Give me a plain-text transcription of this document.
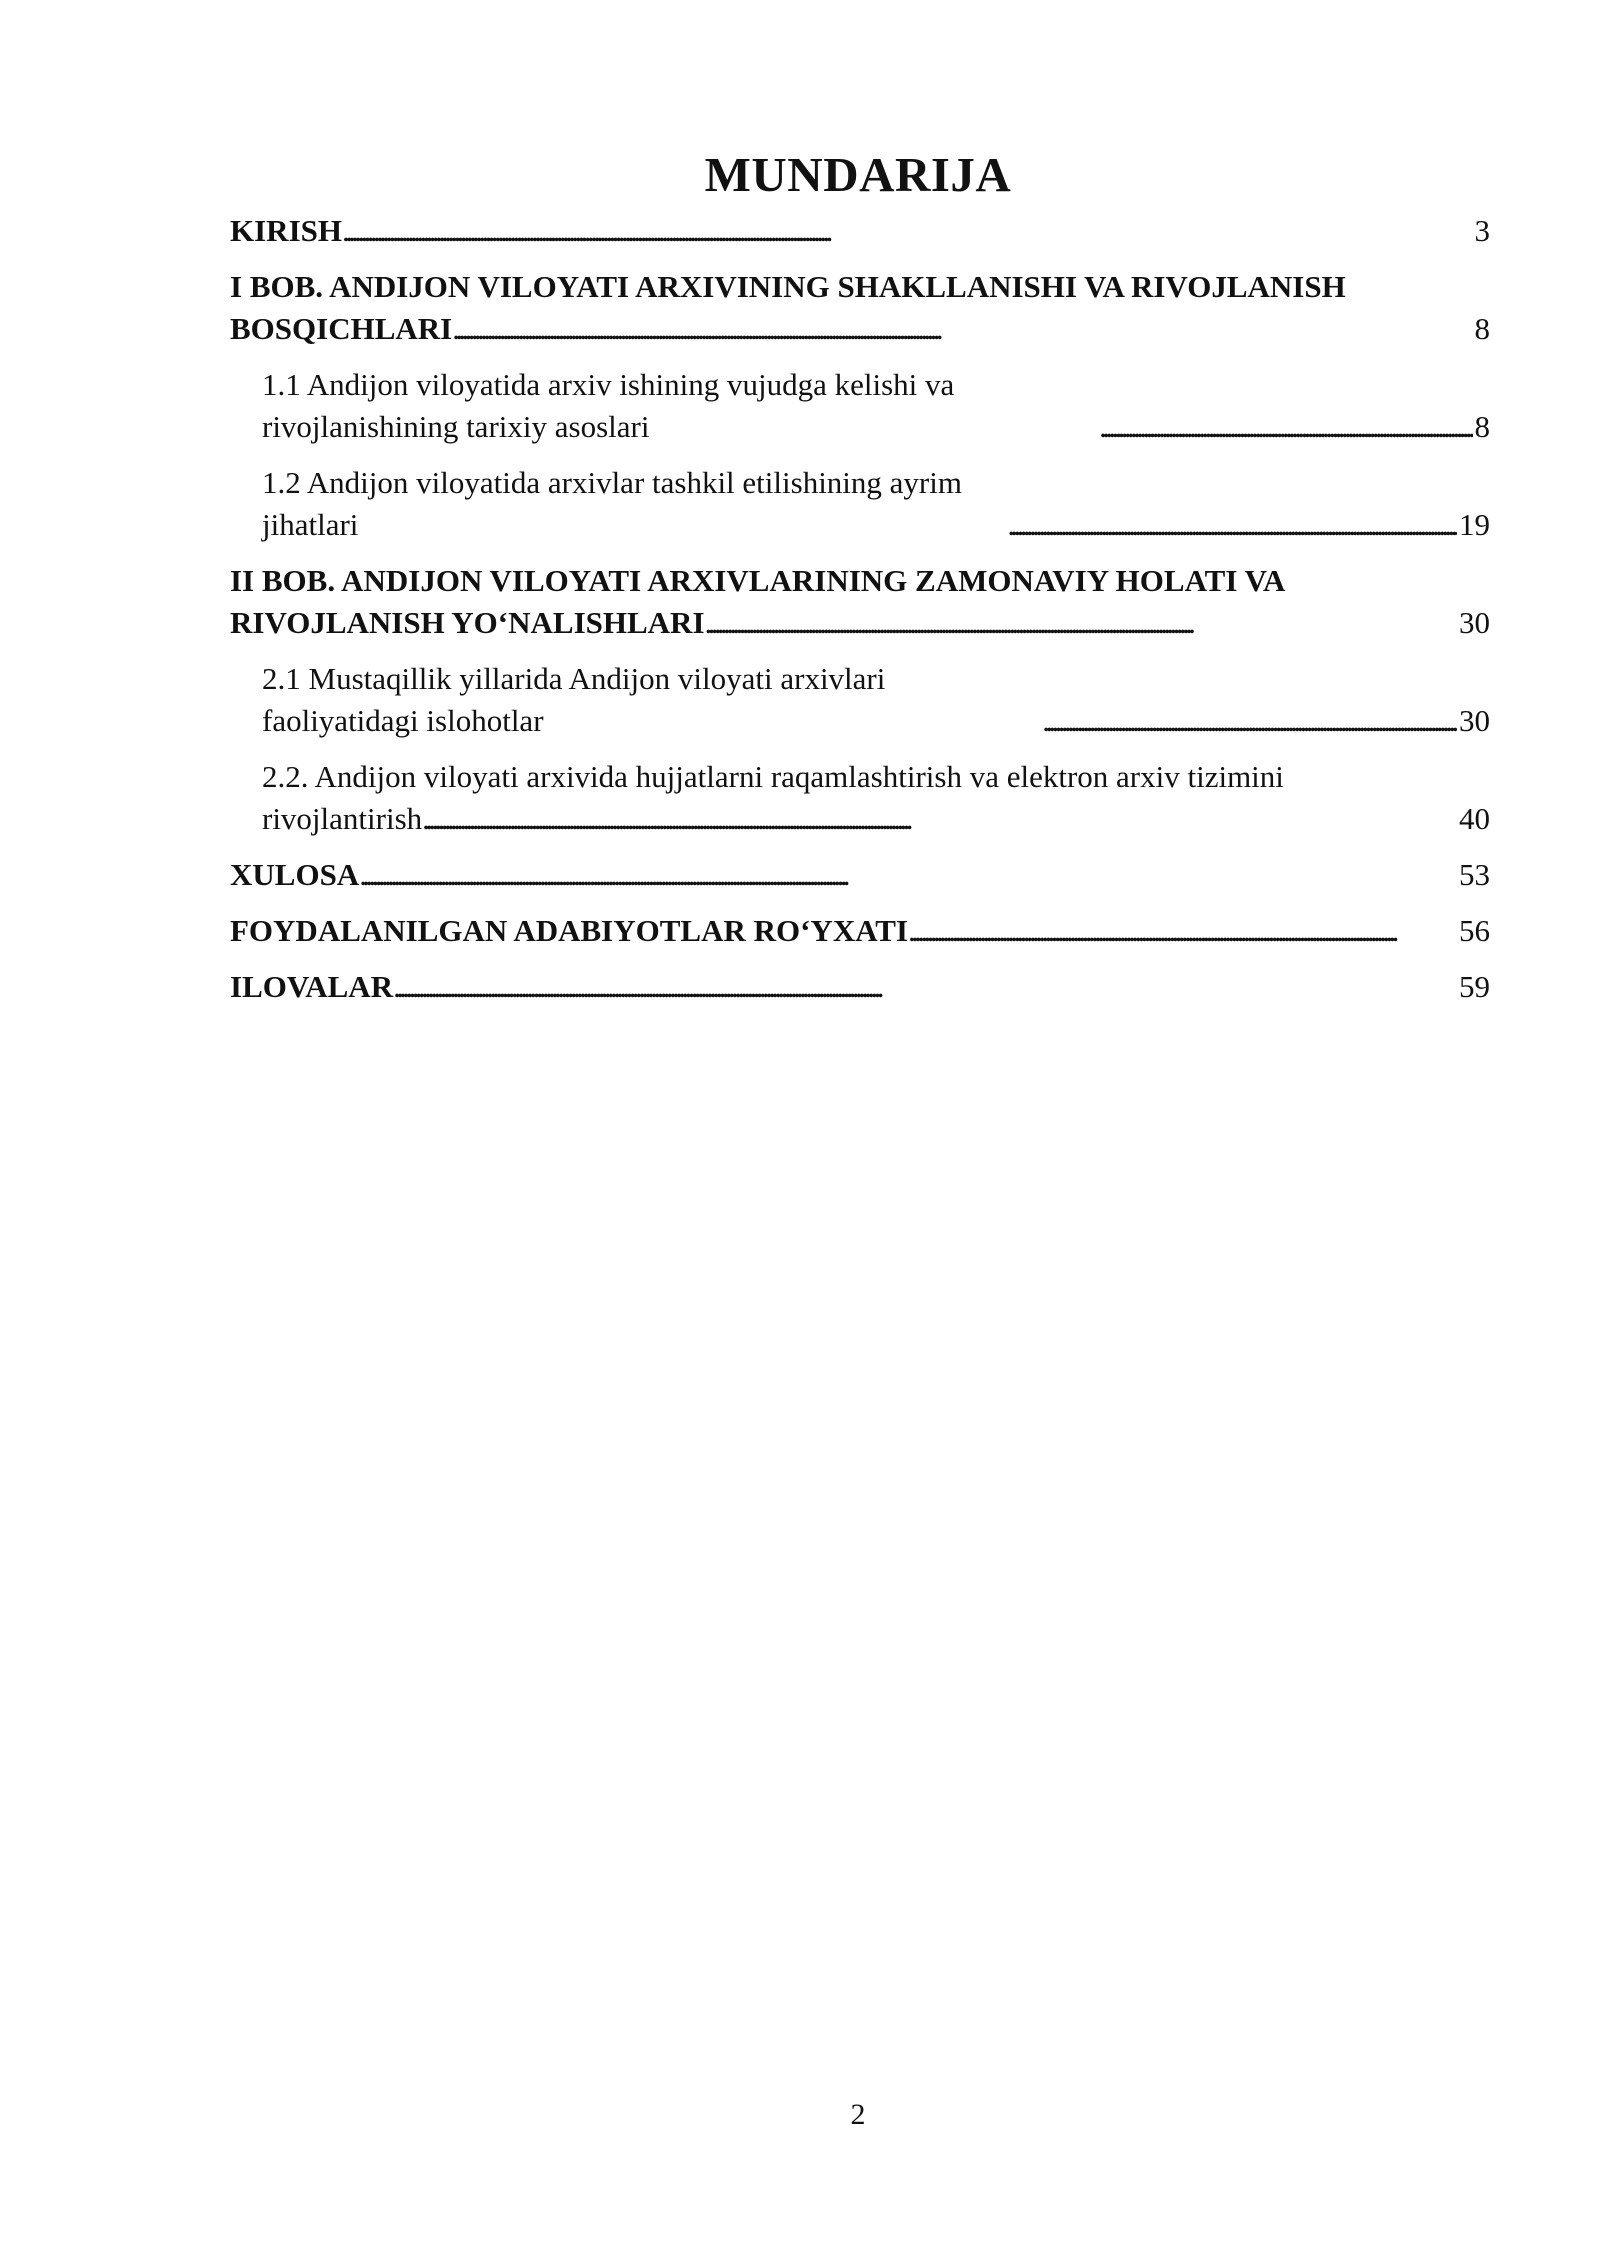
MUNDARIJA
KIRISH . . .	3
I BOB. ANDIJON VILOYATI ARXIVINING SHAKLLANISHI VA RIVOJLANISH
BOSQICHLARI . . .	8
1.1 Andijon viloyatida arxiv ishining vujudga kelishi va rivojlanishining tarixiy asoslari . . .	8
1.2 Andijon viloyatida arxivlar tashkil etilishining ayrim jihatlari . . .	19
II BOB. ANDIJON VILOYATI ARXIVLARINING ZAMONAVIY HOLATI VA
RIVOJLANISH YO‘NALISHLARI . . .	30
2.1 Mustaqillik yillarida Andijon viloyati arxivlari faoliyatidagi islohotlar . . .	30
2.2. Andijon viloyati arxivida hujjatlarni raqamlashtirish va elektron arxiv tizimini
rivojlantirish . . .	40
XULOSA . . .	53
FOYDALANILGAN ADABIYOTLAR RO‘YXATI . . .	56
ILOVALAR . . .	59
2
